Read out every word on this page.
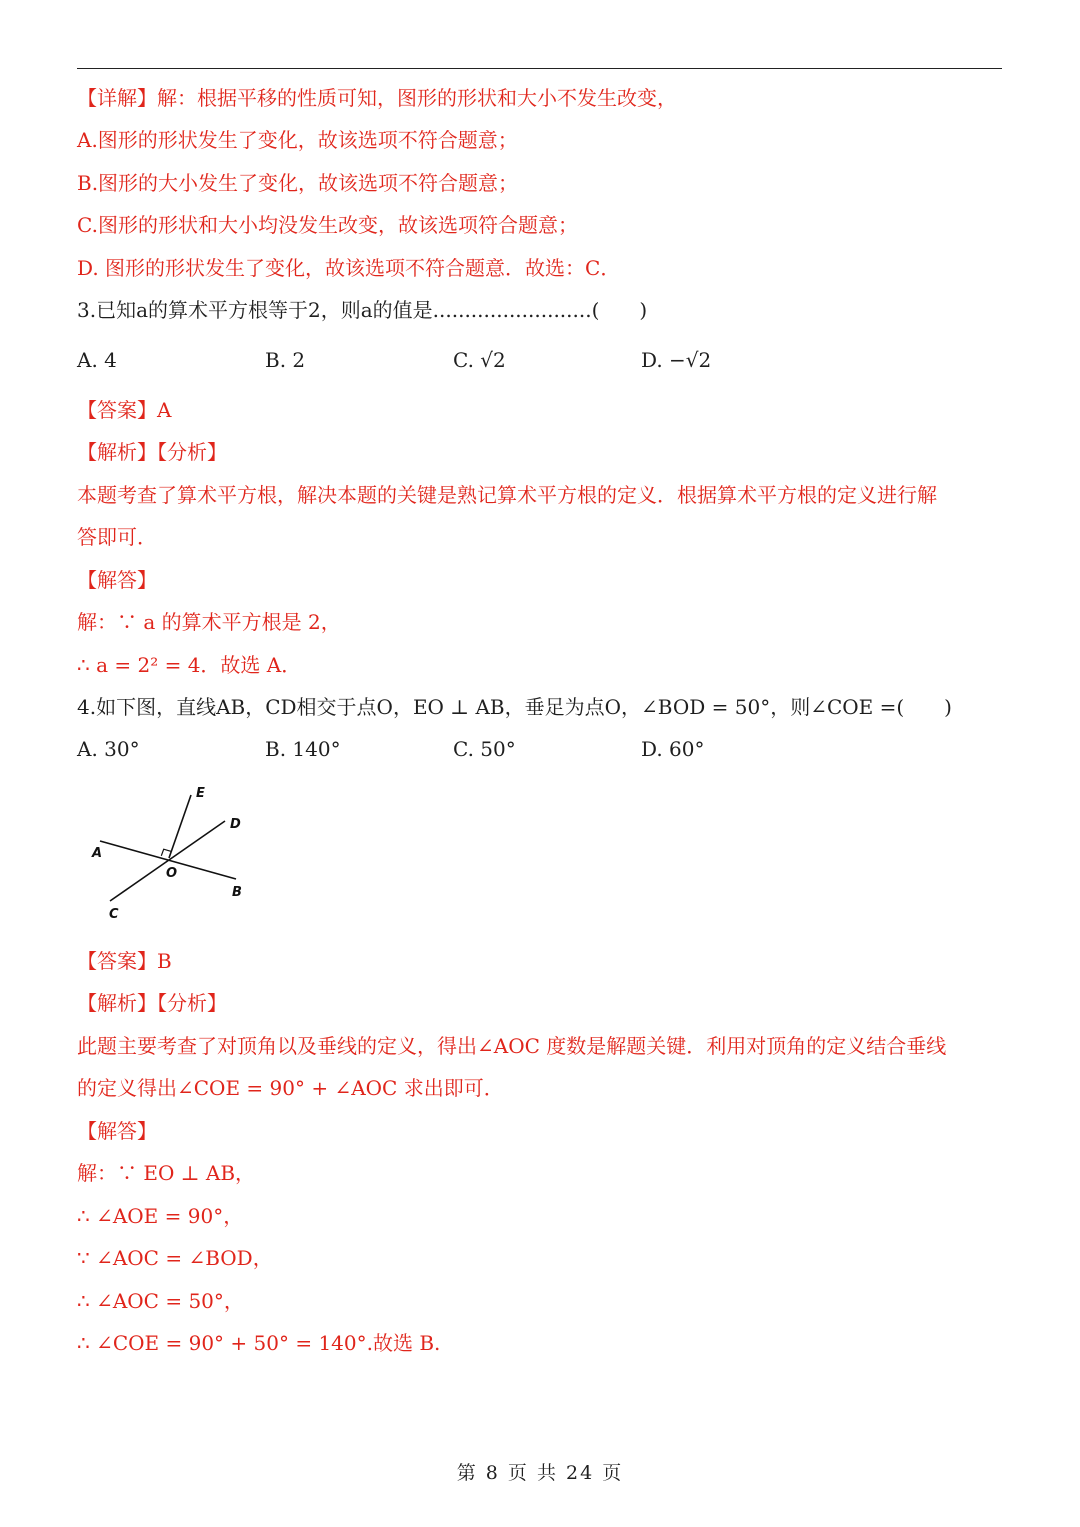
【详解】解：根据平移的性质可知，图形的形状和大小不发生改变，
A.图形的形状发生了变化，故该选项不符合题意；
B.图形的大小发生了变化，故该选项不符合题意；
C.图形的形状和大小均没发生改变，故该选项符合题意；
D. 图形的形状发生了变化，故该选项不符合题意．故选：C．
3.已知a的算术平方根等于2，则a的值是.........................(　　)
A. 4	B. 2	C. √2	D. −√2
【答案】A
【解析】【分析】
本题考查了算术平方根，解决本题的关键是熟记算术平方根的定义．根据算术平方根的定义进行解
答即可．
【解答】
解：∵ a 的算术平方根是 2，
∴ a = 2² = 4．故选 A．
4.如下图，直线AB，CD相交于点O，EO ⊥ AB，垂足为点O，∠BOD = 50°，则∠COE =(　　)
A. 30°	B. 140°	C. 50°	D. 60°
E
D
A
O
B
C
【答案】B
【解析】【分析】
此题主要考查了对顶角以及垂线的定义，得出∠AOC 度数是解题关键．利用对顶角的定义结合垂线
的定义得出∠COE = 90° + ∠AOC 求出即可．
【解答】
解：∵ EO ⊥ AB，
∴ ∠AOE = 90°，
∵ ∠AOC = ∠BOD，
∴ ∠AOC = 50°，
∴ ∠COE = 90° + 50° = 140°.故选 B.
第 8 页 共 24 页
